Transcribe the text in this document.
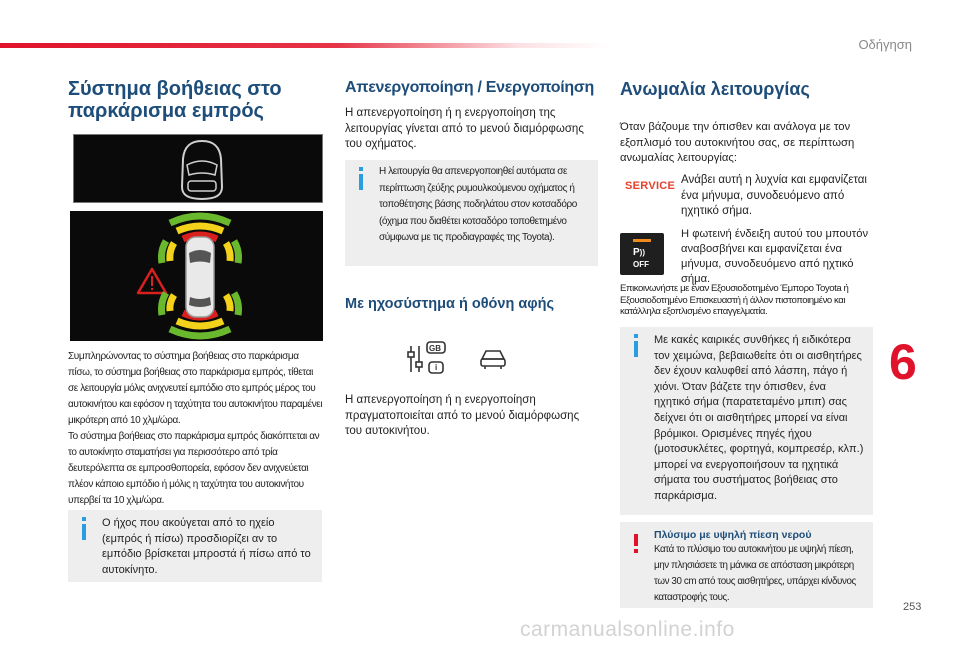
Οδήγηση
Σύστημα βοήθειας στο παρκάρισμα εμπρός

Συμπληρώνοντας το σύστημα βοήθειας στο παρκάρισμα πίσω, το σύστημα βοήθειας στο παρκάρισμα εμπρός, τίθεται σε λειτουργία μόλις ανιχνευτεί εμπόδιο στο εμπρός μέρος του αυτοκινήτου και εφόσον η ταχύτητα του αυτοκινήτου παραμένει μικρότερη από 10 χλμ/ώρα.

Το σύστημα βοήθειας στο παρκάρισμα εμπρός διακόπτεται αν το αυτοκίνητο σταματήσει για περισσότερο από τρία δευτερόλεπτα σε εμπροσθοπορεία, εφόσον δεν ανιχνεύεται πλέον κάποιο εμπόδιο ή μόλις η ταχύτητα του αυτοκινήτου υπερβεί τα 10 χλμ/ώρα.

Ο ήχος που ακούγεται από το ηχείο (εμπρός ή πίσω) προσδιορίζει αν το εμπόδιο βρίσκεται μπροστά ή πίσω από το αυτοκίνητο.

Απενεργοποίηση / Ενεργοποίηση

Η απενεργοποίηση ή η ενεργοποίηση της λειτουργίας γίνεται από το μενού διαμόρφωσης του οχήματος.

Η λειτουργία θα απενεργοποιηθεί αυτόματα σε περίπτωση ζεύξης ρυμουλκούμενου οχήματος ή τοποθέτησης βάσης ποδηλάτου στον κοτσαδόρο (όχημα που διαθέτει κοτσαδόρο τοποθετημένο σύμφωνα με τις προδιαγραφές της Toyota).

Με ηχοσύστημα ή οθόνη αφής
GB
i

Η απενεργοποίηση ή η ενεργοποίηση πραγματοποιείται από το μενού διαμόρφωσης του αυτοκινήτου.

Ανωμαλία λειτουργίας

Όταν βάζουμε την όπισθεν και ανάλογα με τον εξοπλισμό του αυτοκινήτου σας, σε περίπτωση ανωμαλίας λειτουργίας:

SERVICE Ανάβει αυτή η λυχνία και εμφανίζεται ένα μήνυμα, συνοδευόμενο από ηχητικό σήμα.

P))
OFF

Η φωτεινή ένδειξη αυτού του μπουτόν αναβοσβήνει και εμφανίζεται ένα μήνυμα, συνοδευόμενο από ηχτικό σήμα.

Επικοινωνήστε με έναν Εξουσιοδοτημένο Έμπορο Toyota ή Εξουσιοδοτημένο Επισκευαστή ή άλλον πιστοποιημένο και κατάλληλα εξοπλισμένο επαγγελματία.

Με κακές καιρικές συνθήκες ή ειδικότερα τον χειμώνα, βεβαιωθείτε ότι οι αισθητήρες δεν έχουν καλυφθεί από λάσπη, πάγο ή χιόνι. Όταν βάζετε την όπισθεν, ένα ηχητικό σήμα (παρατεταμένο μπιπ) σας δείχνει ότι οι αισθητήρες μπορεί να είναι βρόμικοι. Ορισμένες πηγές ήχου (μοτοσυκλέτες, φορτηγά, κομπρεσέρ, κλπ.) μπορεί να ενεργοποιήσουν τα ηχητικά σήματα του συστήματος βοήθειας στο παρκάρισμα.

Πλύσιμο με υψηλή πίεση νερού

Κατά το πλύσιμο του αυτοκινήτου με υψηλή πίεση, μην πλησιάσετε τη μάνικα σε απόσταση μικρότερη των 30 cm από τους αισθητήρες, υπάρχει κίνδυνος καταστροφής τους.

6
253
carmanualsonline.info
